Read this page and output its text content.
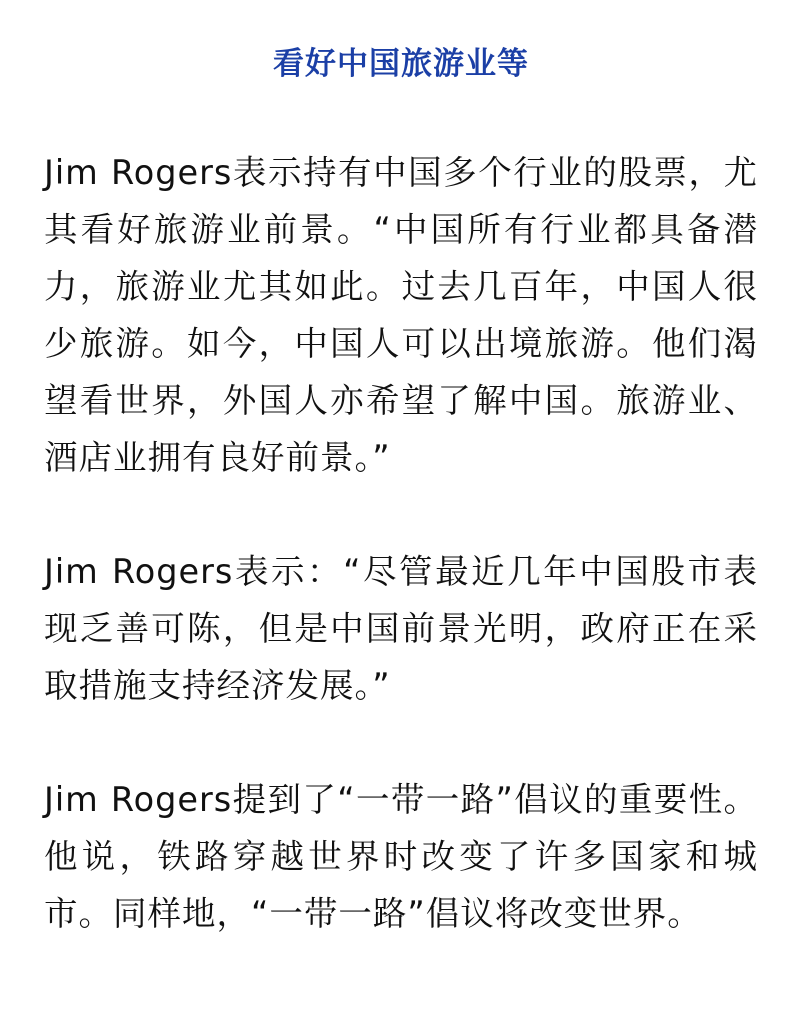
看好中国旅游业等

Jim Rogers表示持有中国多个行业的股票，尤其看好旅游业前景。“中国所有行业都具备潜力，旅游业尤其如此。过去几百年，中国人很少旅游。如今，中国人可以出境旅游。他们渴望看世界，外国人亦希望了解中国。旅游业、酒店业拥有良好前景。”

Jim Rogers表示：“尽管最近几年中国股市表现乏善可陈，但是中国前景光明，政府正在采取措施支持经济发展。”

Jim Rogers提到了“一带一路”倡议的重要性。他说，铁路穿越世界时改变了许多国家和城市。同样地，“一带一路”倡议将改变世界。
